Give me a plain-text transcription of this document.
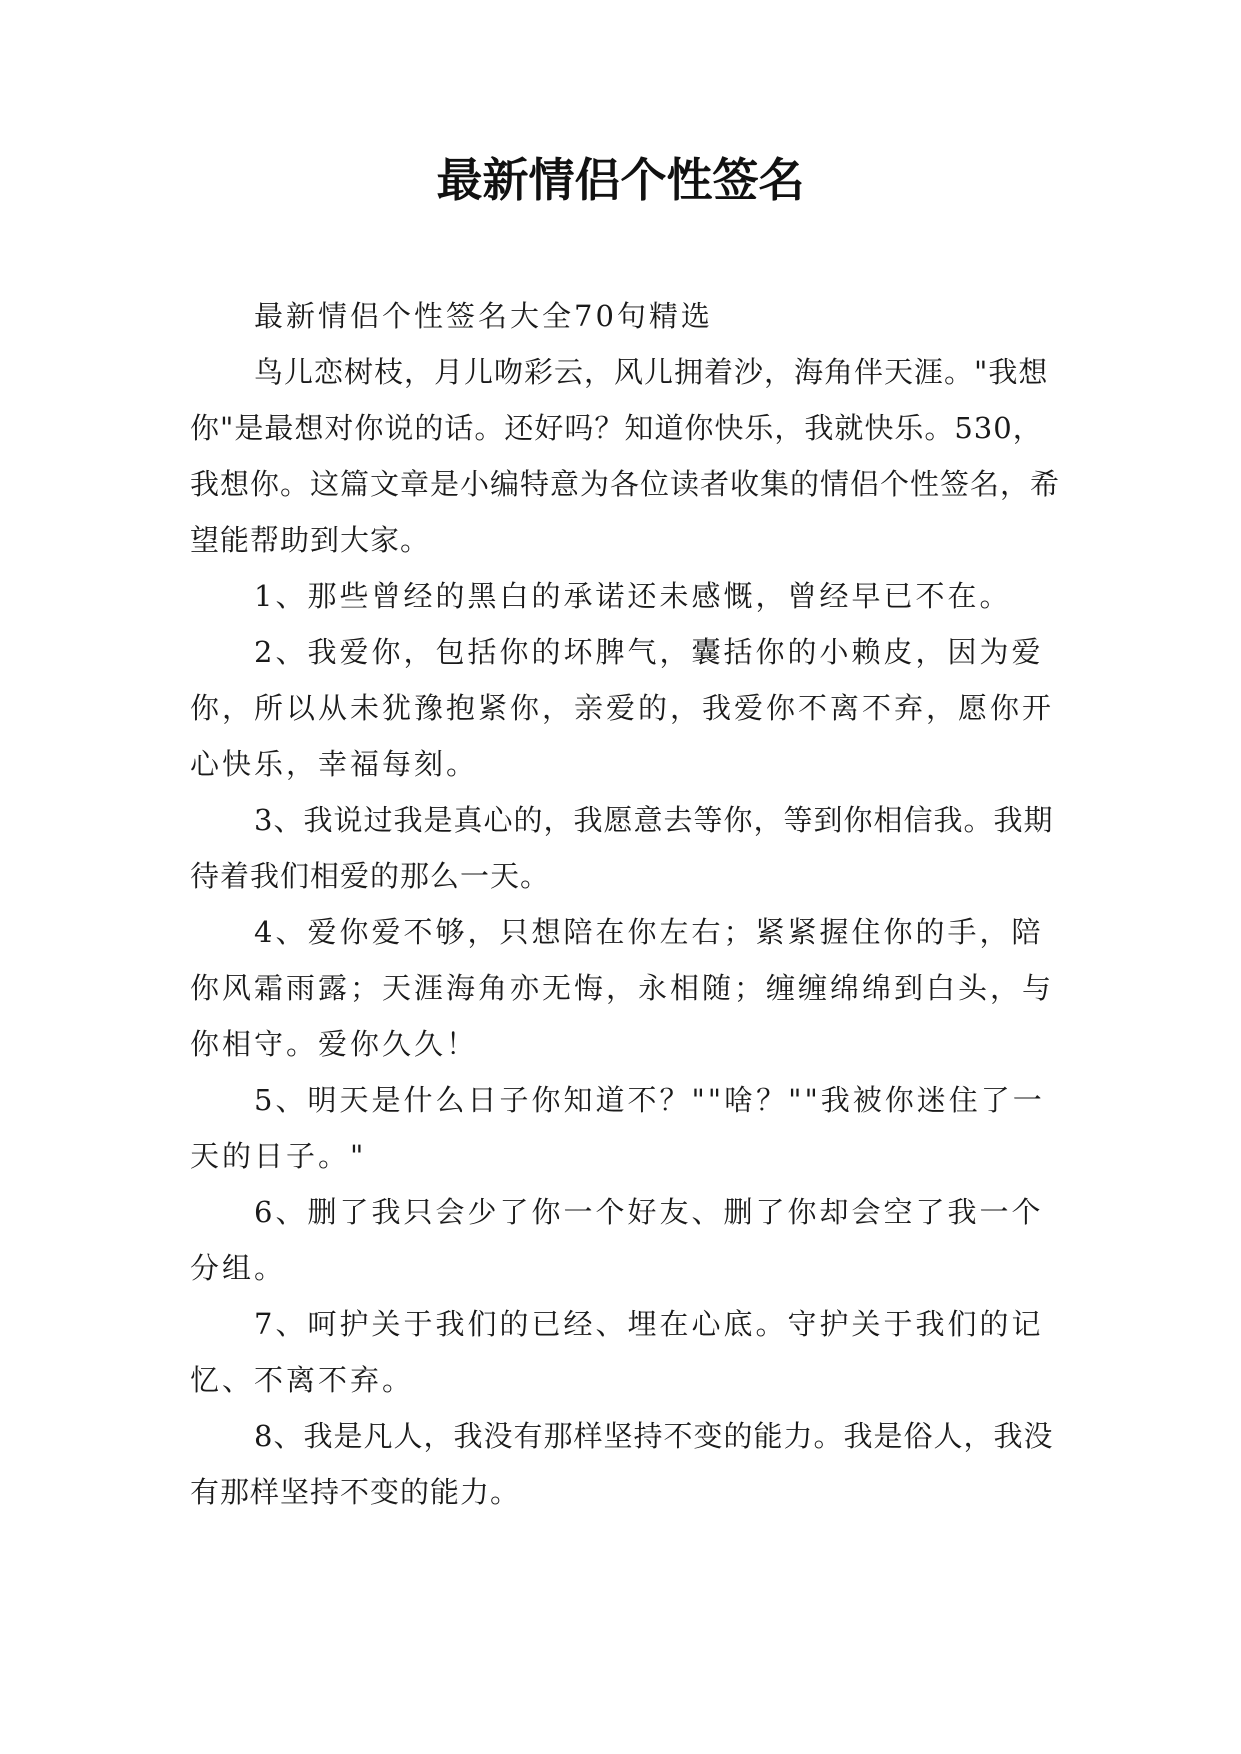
最新情侣个性签名

最新情侣个性签名大全70句精选

鸟儿恋树枝，月儿吻彩云，风儿拥着沙，海角伴天涯。"我想你"是最想对你说的话。还好吗？知道你快乐，我就快乐。530，我想你。这篇文章是小编特意为各位读者收集的情侣个性签名，希望能帮助到大家。

1、那些曾经的黑白的承诺还未感慨，曾经早已不在。

2、我爱你，包括你的坏脾气，囊括你的小赖皮，因为爱你，所以从未犹豫抱紧你，亲爱的，我爱你不离不弃，愿你开心快乐，幸福每刻。

3、我说过我是真心的，我愿意去等你，等到你相信我。我期待着我们相爱的那么一天。

4、爱你爱不够，只想陪在你左右；紧紧握住你的手，陪你风霜雨露；天涯海角亦无悔，永相随；缠缠绵绵到白头，与你相守。爱你久久！

5、明天是什么日子你知道不？""啥？""我被你迷住了一天的日子。"

6、删了我只会少了你一个好友、删了你却会空了我一个分组。

7、呵护关于我们的已经、埋在心底。守护关于我们的记忆、不离不弃。

8、我是凡人，我没有那样坚持不变的能力。我是俗人，我没有那样坚持不变的能力。
